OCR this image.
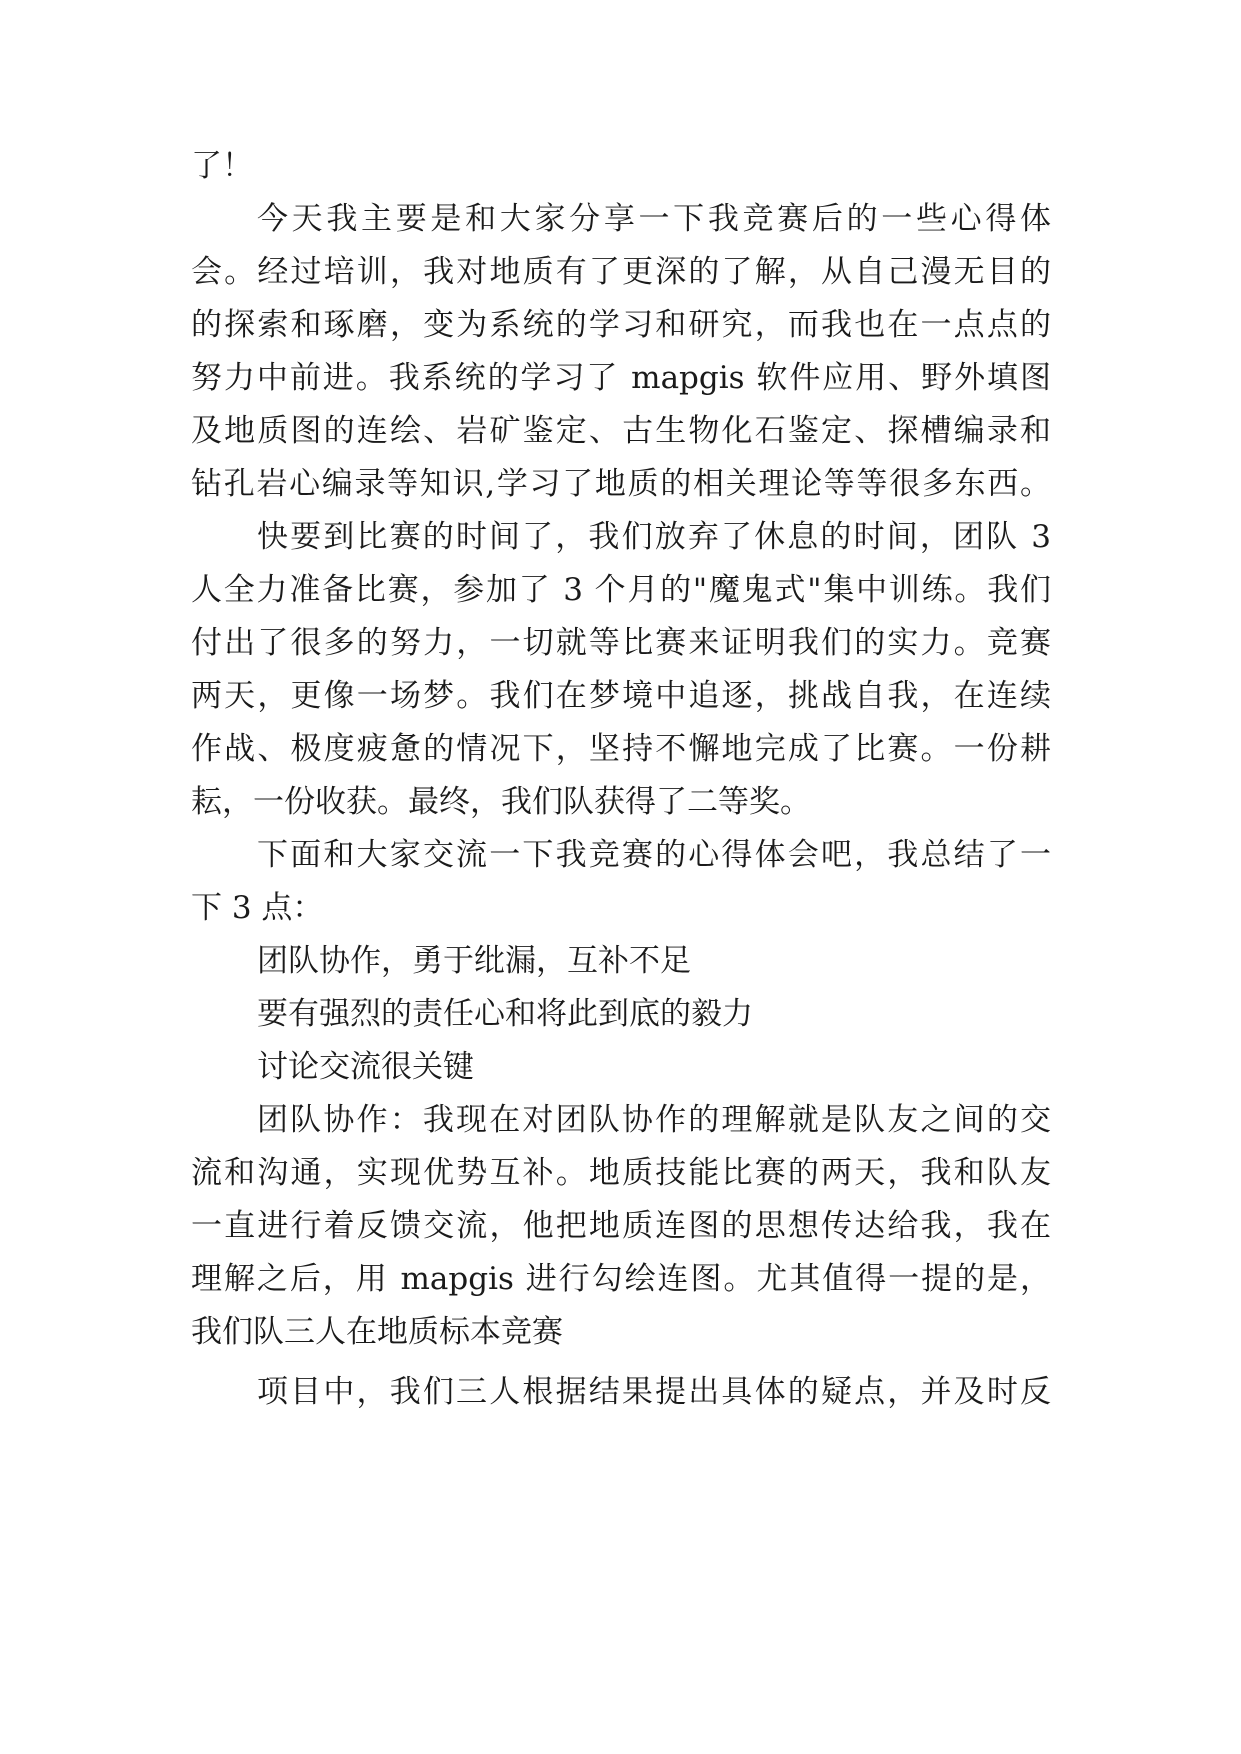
了！
今天我主要是和大家分享一下我竞赛后的一些心得体
会。经过培训，我对地质有了更深的了解，从自己漫无目的
的探索和琢磨，变为系统的学习和研究，而我也在一点点的
努力中前进。我系统的学习了 mapgis 软件应用、野外填图
及地质图的连绘、岩矿鉴定、古生物化石鉴定、探槽编录和
钻孔岩心编录等知识,学习了地质的相关理论等等很多东西。
快要到比赛的时间了，我们放弃了休息的时间，团队 3
人全力准备比赛，参加了 3 个月的"魔鬼式"集中训练。我们
付出了很多的努力，一切就等比赛来证明我们的实力。竞赛
两天，更像一场梦。我们在梦境中追逐，挑战自我，在连续
作战、极度疲惫的情况下，坚持不懈地完成了比赛。一份耕
耘，一份收获。最终，我们队获得了二等奖。
下面和大家交流一下我竞赛的心得体会吧，我总结了一
下 3 点：
团队协作，勇于纰漏，互补不足
要有强烈的责任心和将此到底的毅力
讨论交流很关键
团队协作：我现在对团队协作的理解就是队友之间的交
流和沟通，实现优势互补。地质技能比赛的两天，我和队友
一直进行着反馈交流，他把地质连图的思想传达给我，我在
理解之后，用 mapgis 进行勾绘连图。尤其值得一提的是，
我们队三人在地质标本竞赛
项目中，我们三人根据结果提出具体的疑点，并及时反
